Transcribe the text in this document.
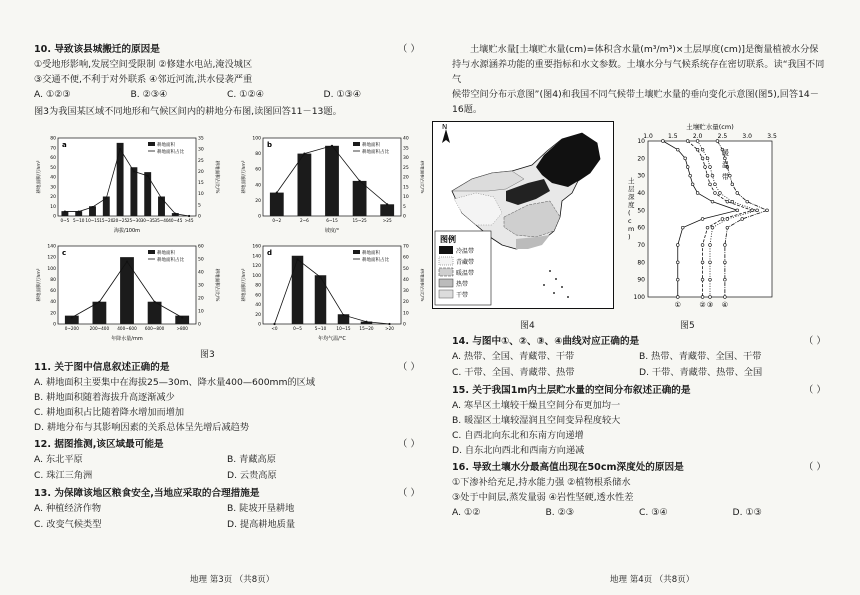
10. 导致该县城搬迁的原因是	（ ）
①受地形影响,发展空间受限制 ②修建水电站,淹没城区
③交通不便,不利于对外联系 ④邻近河流,洪水侵袭严重
A. ①②③	B. ②③④	C. ①②④	D. ①③④
图3为我国某区域不同地形和气候区间内的耕地分布图,读图回答11－13题。
a
耕地面积/万hm²	耕地面积占比/%
海拔/100m
0
10
20
30
40
50
60
70
80
0
5
10
15
20
25
30
35
0~5 5~10 10~15 15~20 20~25 25~30 30~35 35~40 40~45 >45
耕地面积
耕地面积占比
b
耕地面积/万hm²	耕地面积占比/%
坡度/°
0
20
40
60
80
100
0
5
10
15
20
25
30
35
40
0~2	2~6	6~15	15~25	>25
耕地面积
耕地面积占比
c
耕地面积/万hm²	耕地面积占比/%
年降水量/mm
0
20
40
60
80
100
120
140
0
10
20
30
40
50
60
0~200	200~400 400~600 600~800	>800
耕地面积
耕地面积占比
d
耕地面积/万hm²	耕地面积占比/%
年均气温/°C
0
20
40
60
80
100
120
140
160
0
10
20
30
40
50
60
70
<0	0~5	5~10 10~15 15~20	>20
耕地面积
耕地面积占比
图3
11. 关于图中信息叙述正确的是	（ ）
A. 耕地面积主要集中在海拔25—30m、降水量400—600mm的区域
B. 耕地面积随着海拔升高逐渐减少
C. 耕地面积占比随着降水增加而增加
D. 耕地分布与其影响因素的关系总体呈先增后减趋势
12. 据图推测,该区域最可能是	（ ）
A. 东北平原	B. 青藏高原
C. 珠江三角洲	D. 云贵高原
13. 为保障该地区粮食安全,当地应采取的合理措施是	（ ）
A. 种植经济作物	B. 陡坡开垦耕地
C. 改变气候类型	D. 提高耕地质量
地理 第3页 （共8页）
土壤贮水量[土壤贮水量(cm)=体积含水量(m³/m³)×土层厚度(cm)]是衡量植被水分保
持与水源涵养功能的重要指标和水文参数。土壤水分与气候系统存在密切联系。读“我国不同气
候带空间分布示意图”(图4)和我国不同气候带土壤贮水量的垂向变化示意图(图5),回答14－
16题。
N
图例
冷温带
青藏带
暖温带
热带
干带
图4
土壤贮水量(cm)
1.0	1.5	2.0	2.5	3.0	3.5
10
20
30
40
50
60
70
80
90
100
土层深度( c m )
①	② ③ ④
暖
温
带
图5
14. 与图中①、②、③、④曲线对应正确的是	（ ）
A. 热带、全国、青藏带、干带	B. 热带、青藏带、全国、干带
C. 干带、全国、青藏带、热带	D. 干带、青藏带、热带、全国
15. 关于我国1m内土层贮水量的空间分布叙述正确的是	（ ）
A. 寒旱区土壤较干燥且空间分布更加均一
B. 暖湿区土壤较湿润且空间变异程度较大
C. 自西北向东北和东南方向递增
D. 自东北向西北和西南方向递减
16. 导致土壤水分最高值出现在50cm深度处的原因是	（ ）
①下渗补给充足,持水能力强 ②植物根系储水
③处于中间层,蒸发量弱 ④岩性坚硬,透水性差
A. ①②	B. ②③	C. ③④	D. ①③
地理 第4页 （共8页）
